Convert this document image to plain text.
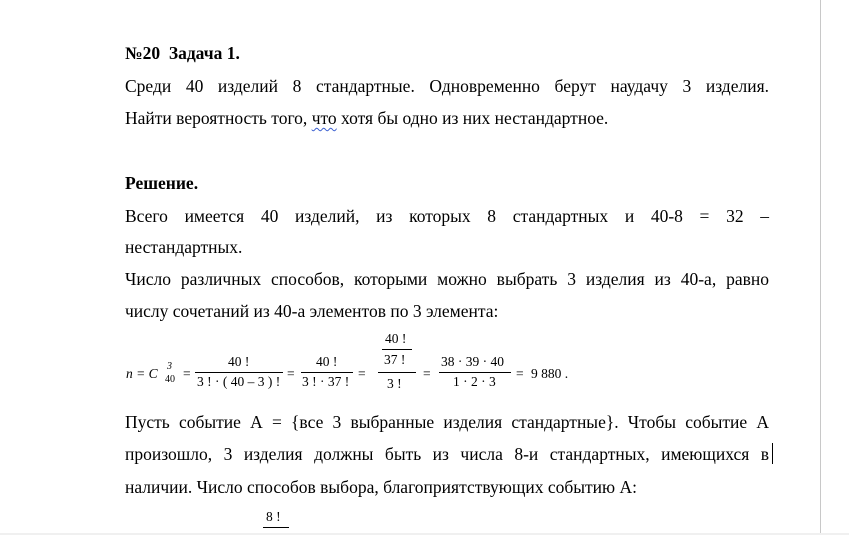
№20 Задача 1.
Среди 40 изделий 8 стандартные. Одновременно берут наудачу 3 изделия.
Найти вероятность того, что хотя бы одно из них нестандартное.
Решение.
Всего имеется 40 изделий, из которых 8 стандартных и 40-8 = 32 –
нестандартных.
Число различных способов, которыми можно выбрать 3 изделия из 40-а, равно
числу сочетаний из 40-а элементов по 3 элемента:
n = C 3
40 =
40 !
3 ! · ( 40 – 3 ) !
=
40 !
3 ! · 37 !
=
40 !
37 !
3 !
=
38 · 39 · 40
1 · 2 · 3
= 9 880 .
Пусть событие А = {все 3 выбранные изделия стандартные}. Чтобы событие А
произошло, 3 изделия должны быть из числа 8-и стандартных, имеющихся в
наличии. Число способов выбора, благоприятствующих событию А:
8 !
